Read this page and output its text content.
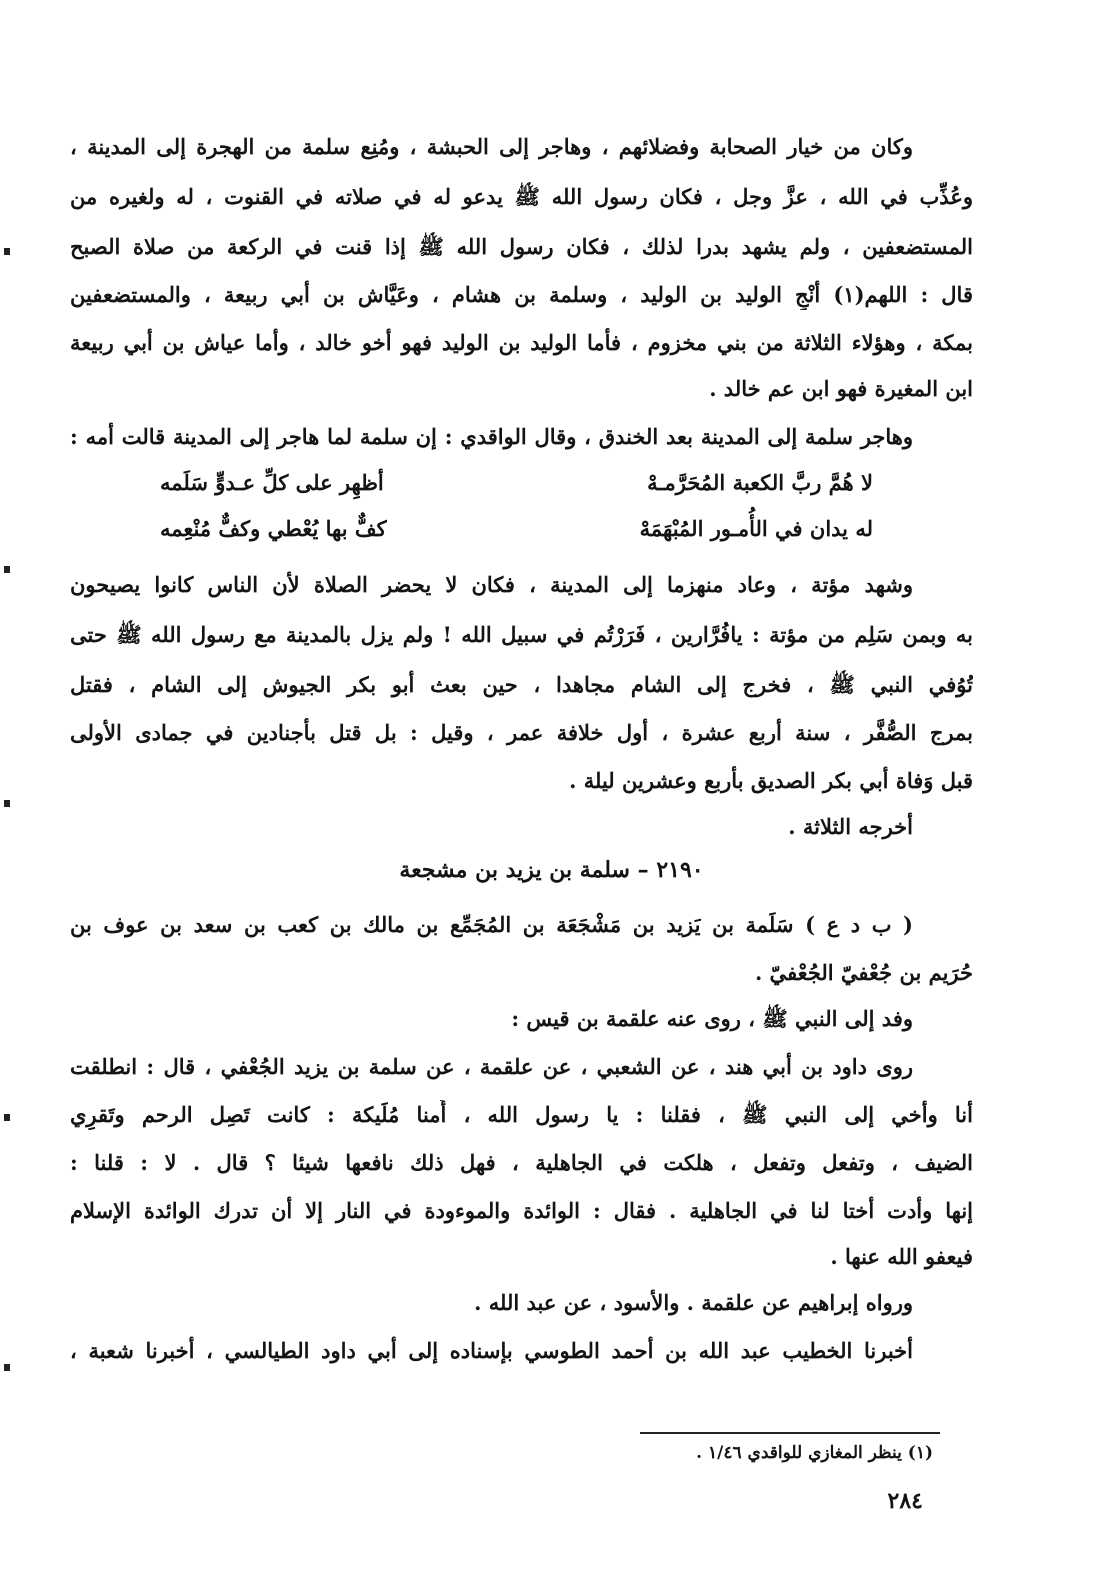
وكان من خيار الصحابة وفضلائهم ، وهاجر إلى الحبشة ، ومُنِع سلمة من الهجرة إلى المدينة ،
وعُذِّب في الله ، عزَّ وجل ، فكان رسول الله ﷺ يدعو له في صلاته في القنوت ، له ولغيره من
المستضعفين ، ولم يشهد بدرا لذلك ، فكان رسول الله ﷺ إذا قنت في الركعة من صلاة الصبح
قال : اللهم(١) أنْجِ الوليد بن الوليد ، وسلمة بن هشام ، وعَيَّاش بن أبي ربيعة ، والمستضعفين
بمكة ، وهؤلاء الثلاثة من بني مخزوم ، فأما الوليد بن الوليد فهو أخو خالد ، وأما عياش بن أبي ربيعة
ابن المغيرة فهو ابن عم خالد .
وهاجر سلمة إلى المدينة بعد الخندق ، وقال الواقدي : إن سلمة لما هاجر إلى المدينة قالت أمه :
لا هُمَّ ربَّ الكعبة المُحَرَّمـهْ
أظهِر على كلِّ عـدوٍّ سَلَمه
له يدان في الأُمـور المُبْهَمَهْ
كفٌّ بها يُعْطي وكفٌّ مُنْعِمه
وشهد مؤتة ، وعاد منهزما إلى المدينة ، فكان لا يحضر الصلاة لأن الناس كانوا يصيحون
به وبمن سَلِم من مؤتة : يافُرَّارين ، فَرَرْتُم في سبيل الله ! ولم يزل بالمدينة مع رسول الله ﷺ حتى
تُوُفي النبي ﷺ ، فخرج إلى الشام مجاهدا ، حين بعث أبو بكر الجيوش إلى الشام ، فقتل
بمرج الصُّفَّر ، سنة أربع عشرة ، أول خلافة عمر ، وقيل : بل قتل بأجنادين في جمادى الأولى
قبل وَفاة أبي بكر الصديق بأربع وعشرين ليلة .
أخرجه الثلاثة .
٢١٩٠ – سلمة بن يزيد بن مشجعة
( ب د ع ) سَلَمة بن يَزيد بن مَشْجَعَة بن المُجَمِّع بن مالك بن كعب بن سعد بن عوف بن
حُرَيم بن جُعْفيّ الجُعْفيّ .
وفد إلى النبي ﷺ ، روى عنه علقمة بن قيس :
روى داود بن أبي هند ، عن الشعبي ، عن علقمة ، عن سلمة بن يزيد الجُعْفي ، قال : انطلقت
أنا وأخي إلى النبي ﷺ ، فقلنا : يا رسول الله ، أُمنا مُلَيكة : كانت تَصِل الرحم وتَقرِي
الضيف ، وتفعل وتفعل ، هلكت في الجاهلية ، فهل ذلك نافعها شيئا ؟ قال . لا : قلنا :
إنها وأدت أختا لنا في الجاهلية . فقال : الوائدة والموءودة في النار إلا أن تدرك الوائدة الإسلام
فيعفو الله عنها .
ورواه إبراهيم عن علقمة . والأسود ، عن عبد الله .
أخبرنا الخطيب عبد الله بن أحمد الطوسي بإسناده إلى أبي داود الطيالسي ، أخبرنا شعبة ،
(١) ينظر المغازي للواقدي ١/٤٦ .
٢٨٤
